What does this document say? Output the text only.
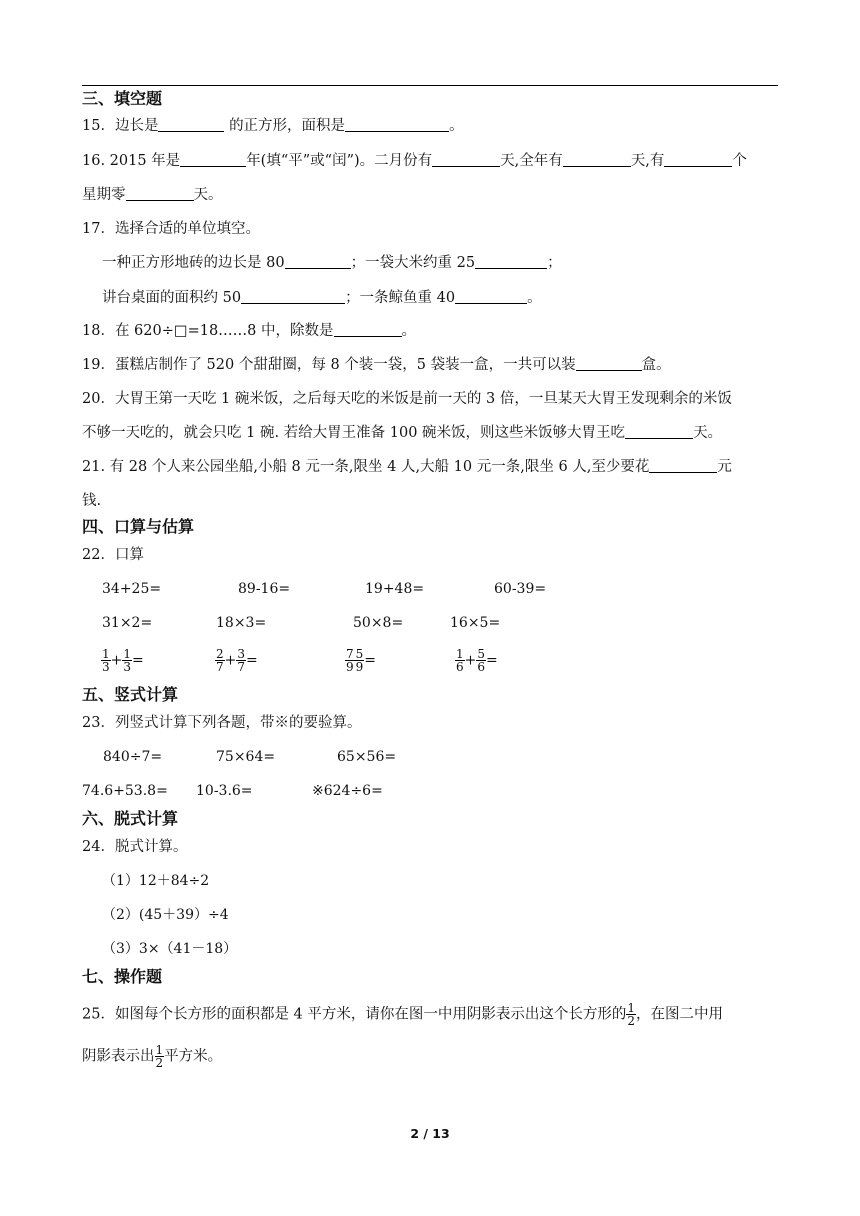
三、填空题
15．边长是	的正方形，面积是	。
16. 2015 年是	年(填“平”或“闰”)。二月份有	天,全年有	天,有	个
星期零	天。
17．选择合适的单位填空。
一种正方形地砖的边长是 80	；一袋大米约重 25	；
讲台桌面的面积约 50	；一条鲸鱼重 40	。
18．在 620÷□=18……8 中，除数是	。
19．蛋糕店制作了 520 个甜甜圈，每 8 个装一袋，5 袋装一盒，一共可以装	盒。
20．大胃王第一天吃 1 碗米饭，之后每天吃的米饭是前一天的 3 倍，一旦某天大胃王发现剩余的米饭
不够一天吃的，就会只吃 1 碗. 若给大胃王准备 100 碗米饭，则这些米饭够大胃王吃	天。
21. 有 28 个人来公园坐船,小船 8 元一条,限坐 4 人,大船 10 元一条,限坐 6 人,至少要花	元
钱.
四、口算与估算
22．口算
34+25=	89-16=	19+48=	60-39=
31×2=	18×3=	50×8=	16×5=
$\frac{1}{3} + \frac{1}{3}$ =	$\frac{2}{7} + \frac{3}{7}$ =	$\frac{7}{9} \frac{5}{9}$ =	$\frac{1}{6} + \frac{5}{6}$ =
五、竖式计算
23．列竖式计算下列各题，带※的要验算。
840÷7=	75×64=	65×56=
74.6+53.8= 10-3.6=	※624÷6=
六、脱式计算
24．脱式计算。
（1）12＋84÷2
（2）(45＋39）÷4
（3）3×（41－18）
七、操作题
25．如图每个长方形的面积都是 4 平方米，请你在图一中用阴影表示出这个长方形的 $\frac{1}{2}$ ，在图二中用
阴影表示出 $\frac{1}{2}$ 平方米。
2 / 13
